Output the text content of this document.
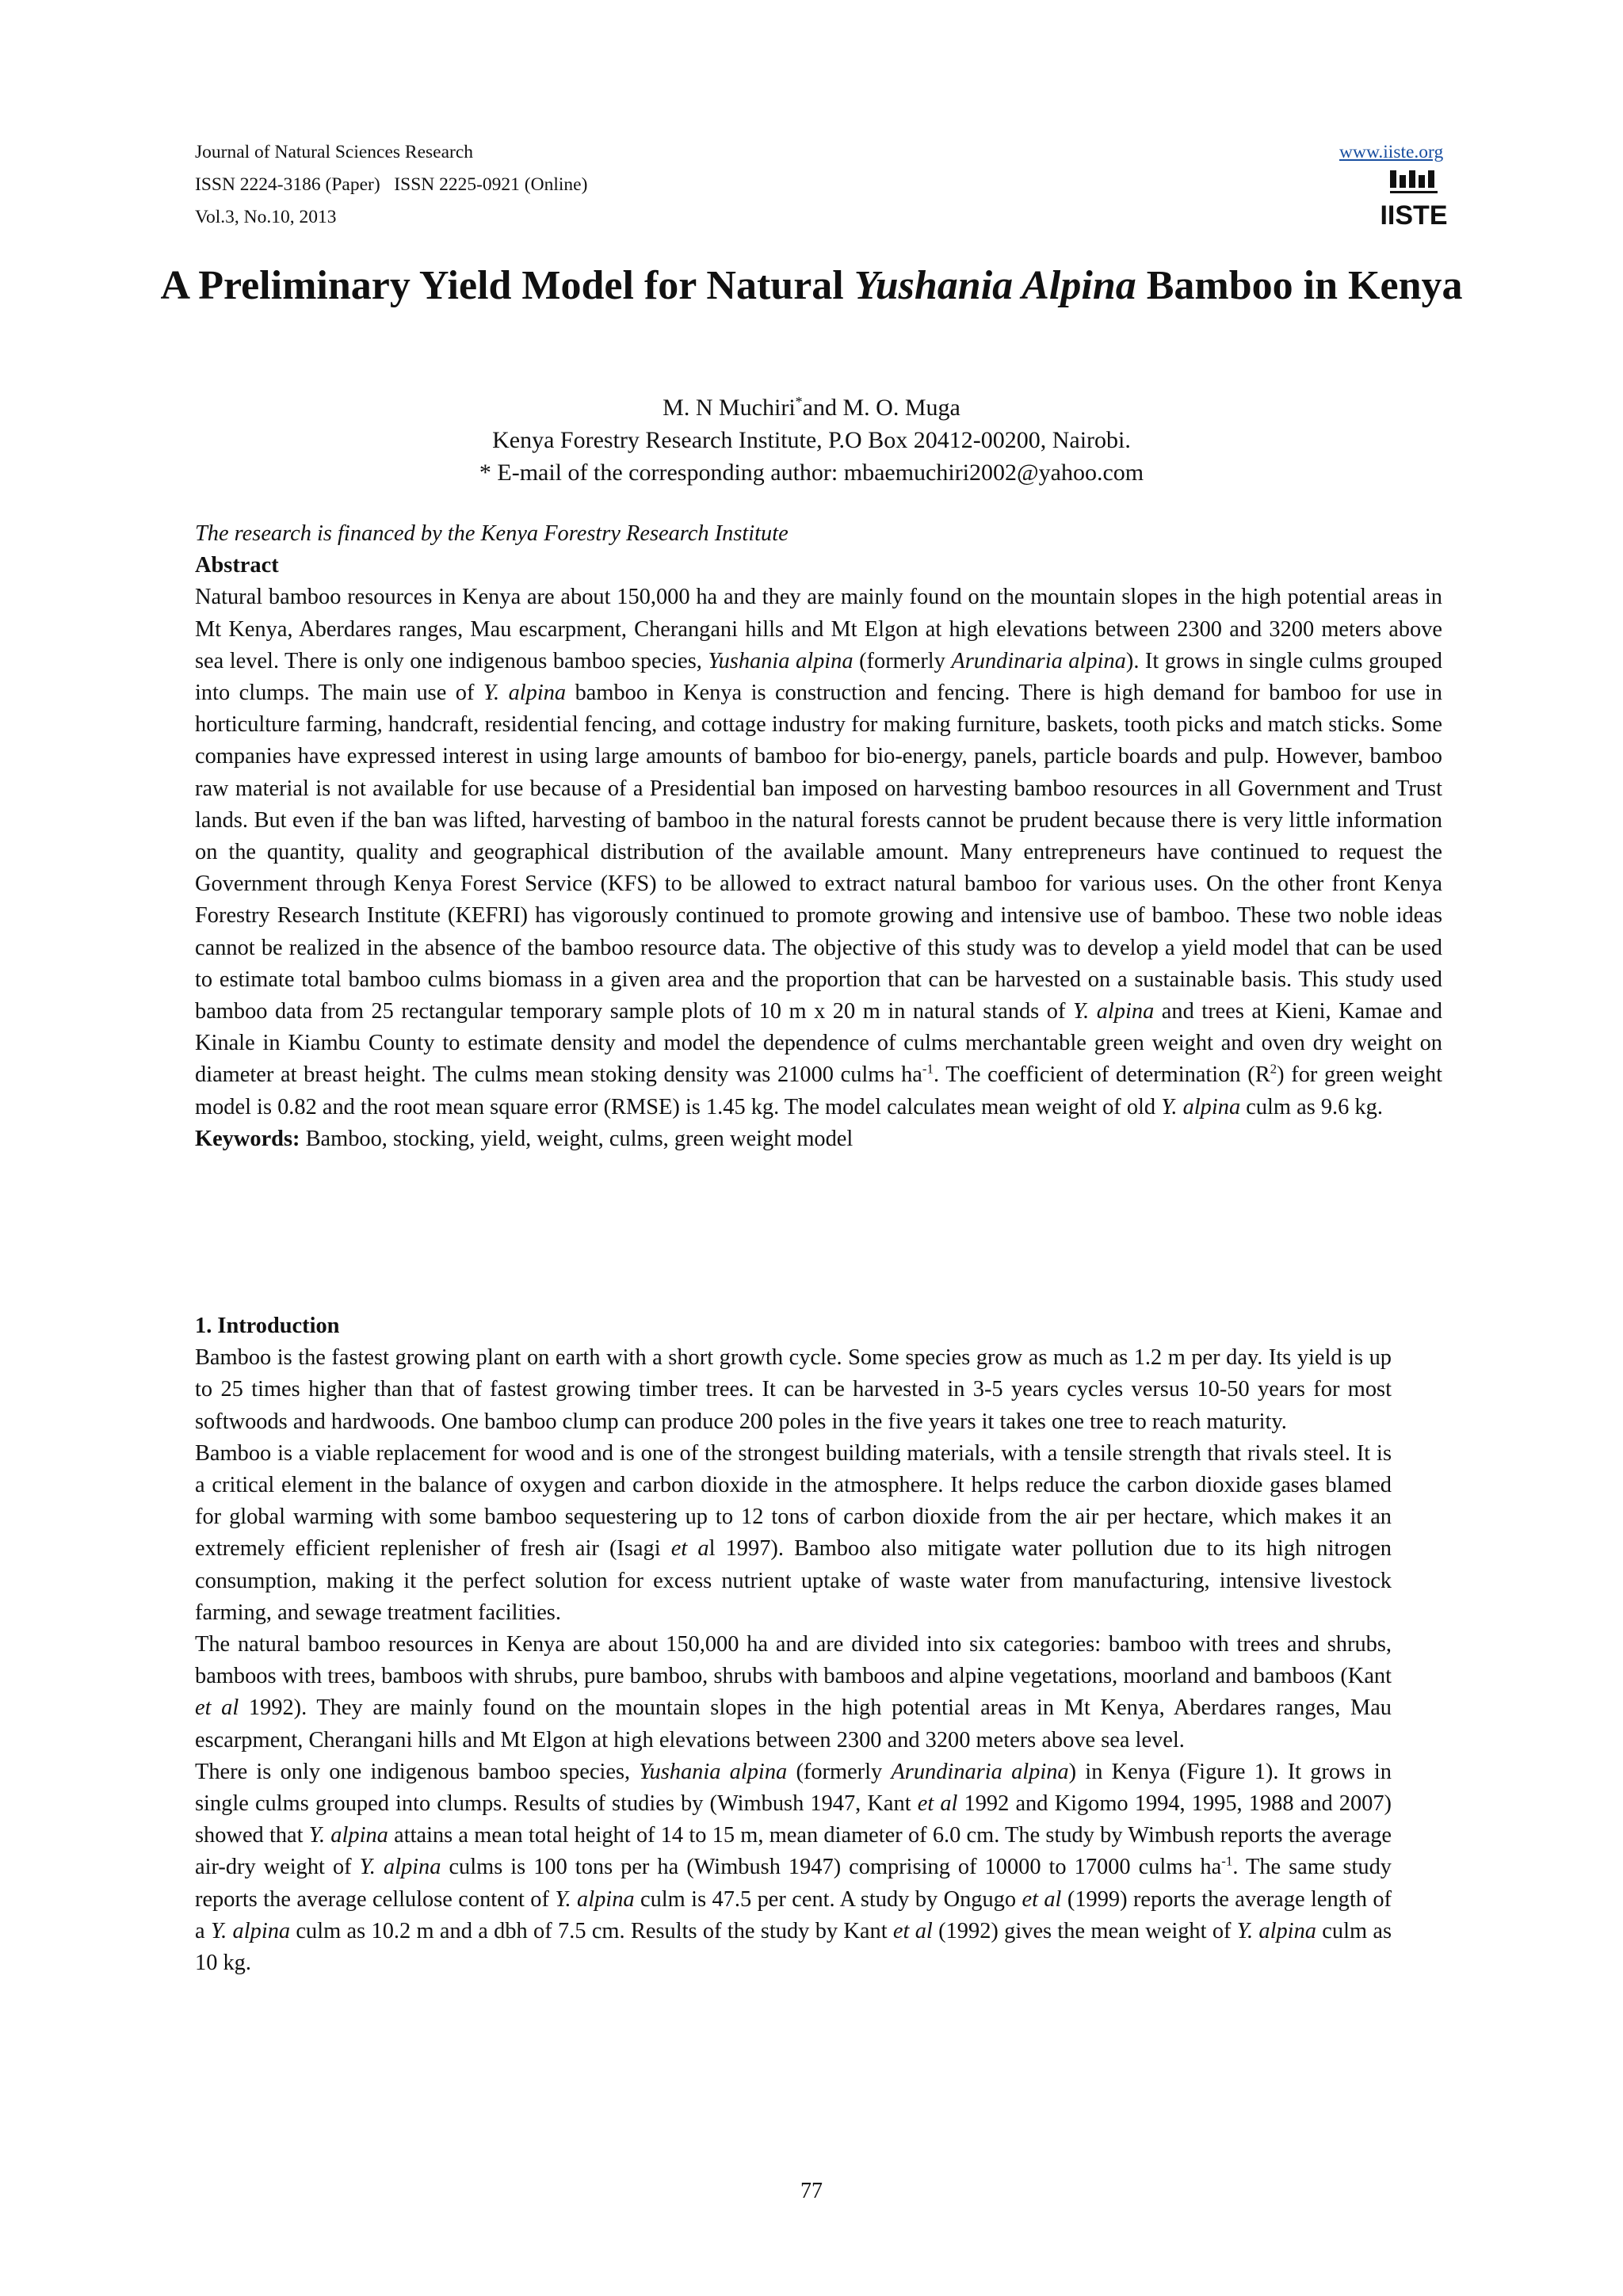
Journal of Natural Sciences Research
ISSN 2224-3186 (Paper)   ISSN 2225-0921 (Online)
Vol.3, No.10, 2013
www.iiste.org
IISTE
A Preliminary Yield Model for Natural Yushania Alpina Bamboo in Kenya
M. N Muchiri*and M. O. Muga
Kenya Forestry Research Institute, P.O Box 20412-00200, Nairobi.
* E-mail of the corresponding author: mbaemuchiri2002@yahoo.com

The research is financed by the Kenya Forestry Research Institute

Abstract

Natural bamboo resources in Kenya are about 150,000 ha and they are mainly found on the mountain slopes in the high potential areas in Mt Kenya, Aberdares ranges, Mau escarpment, Cherangani hills and Mt Elgon at high elevations between 2300 and 3200 meters above sea level. There is only one indigenous bamboo species, Yushania alpina (formerly Arundinaria alpina). It grows in single culms grouped into clumps. The main use of Y. alpina bamboo in Kenya is construction and fencing. There is high demand for bamboo for use in horticulture farming, handcraft, residential fencing, and cottage industry for making furniture, baskets, tooth picks and match sticks. Some companies have expressed interest in using large amounts of bamboo for bio-energy, panels, particle boards and pulp. However, bamboo raw material is not available for use because of a Presidential ban imposed on harvesting bamboo resources in all Government and Trust lands. But even if the ban was lifted, harvesting of bamboo in the natural forests cannot be prudent because there is very little information on the quantity, quality and geographical distribution of the available amount. Many entrepreneurs have continued to request the Government through Kenya Forest Service (KFS) to be allowed to extract natural bamboo for various uses. On the other front Kenya Forestry Research Institute (KEFRI) has vigorously continued to promote growing and intensive use of bamboo. These two noble ideas cannot be realized in the absence of the bamboo resource data. The objective of this study was to develop a yield model that can be used to estimate total bamboo culms biomass in a given area and the proportion that can be harvested on a sustainable basis. This study used bamboo data from 25 rectangular temporary sample plots of 10 m x 20 m in natural stands of Y. alpina and trees at Kieni, Kamae and Kinale in Kiambu County to estimate density and model the dependence of culms merchantable green weight and oven dry weight on diameter at breast height. The culms mean stoking density was 21000 culms $ha^{-1}$. The coefficient of determination $(R^2)$ for green weight model is 0.82 and the root mean square error (RMSE) is 1.45 kg. The model calculates mean weight of old Y. alpina culm as 9.6 kg.

Keywords: Bamboo, stocking, yield, weight, culms, green weight model

1. Introduction

Bamboo is the fastest growing plant on earth with a short growth cycle. Some species grow as much as 1.2 m per day. Its yield is up to 25 times higher than that of fastest growing timber trees. It can be harvested in 3-5 years cycles versus 10-50 years for most softwoods and hardwoods. One bamboo clump can produce 200 poles in the five years it takes one tree to reach maturity.

Bamboo is a viable replacement for wood and is one of the strongest building materials, with a tensile strength that rivals steel. It is a critical element in the balance of oxygen and carbon dioxide in the atmosphere. It helps reduce the carbon dioxide gases blamed for global warming with some bamboo sequestering up to 12 tons of carbon dioxide from the air per hectare, which makes it an extremely efficient replenisher of fresh air (Isagi et al 1997). Bamboo also mitigate water pollution due to its high nitrogen consumption, making it the perfect solution for excess nutrient uptake of waste water from manufacturing, intensive livestock farming, and sewage treatment facilities.

The natural bamboo resources in Kenya are about 150,000 ha and are divided into six categories: bamboo with trees and shrubs, bamboos with trees, bamboos with shrubs, pure bamboo, shrubs with bamboos and alpine vegetations, moorland and bamboos (Kant et al 1992). They are mainly found on the mountain slopes in the high potential areas in Mt Kenya, Aberdares ranges, Mau escarpment, Cherangani hills and Mt Elgon at high elevations between 2300 and 3200 meters above sea level.

There is only one indigenous bamboo species, Yushania alpina (formerly Arundinaria alpina) in Kenya (Figure 1). It grows in single culms grouped into clumps. Results of studies by (Wimbush 1947, Kant et al 1992 and Kigomo 1994, 1995, 1988 and 2007) showed that Y. alpina attains a mean total height of 14 to 15 m, mean diameter of 6.0 cm. The study by Wimbush reports the average air-dry weight of Y. alpina culms is 100 tons per ha (Wimbush 1947) comprising of 10000 to 17000 culms $ha^{-1}$. The same study reports the average cellulose content of Y. alpina culm is 47.5 per cent. A study by Ongugo et al (1999) reports the average length of a Y. alpina culm as 10.2 m and a dbh of 7.5 cm. Results of the study by Kant et al (1992) gives the mean weight of Y. alpina culm as 10 kg.

77
